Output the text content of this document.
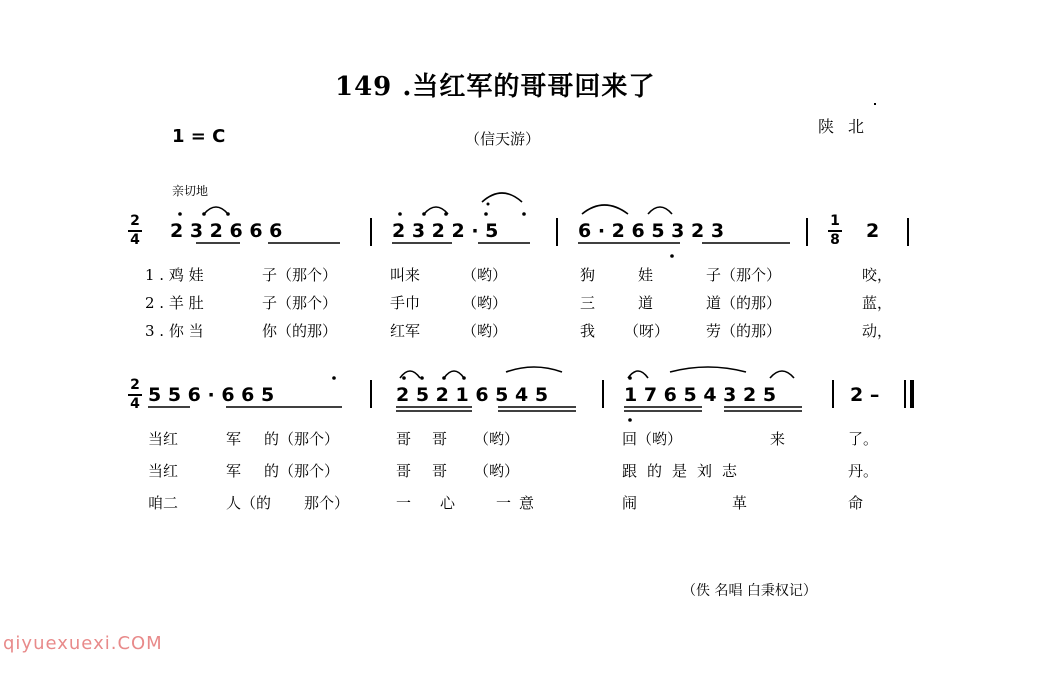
149 .当红军的哥哥回来了
1 = C	（信天游）
陕北
亲切地
2
4 2 3 2 6 6 6	2 3 2 2 · 5	6 · 2 6 5 3 2 3	1
8 2
1 . 鸡 娃	子（那个）	叫来	（哟）	狗	娃	子（那个）	咬，
2 . 羊 肚	子（那个）	手巾	（哟）	三	道	道（的那）	蓝，
3 . 你 当	你（的那）	红军	（哟）	我 （呀） 劳（的那）	动，
2
4 5 5 6 · 6 6 5	2 5 2 1 6 5 4 5	1 7 6 5 4 3 2 5	2 –
当红	军 的（那个）	哥 哥 （哟）	回（哟）	来	了。
当红	军 的（那个）	哥 哥 （哟）	跟的是刘志	丹。
咱二	人（的 那个）	一 心	一意	闹	革	命
（佚 名唱 白秉权记）
qiyuexuexi.COM
